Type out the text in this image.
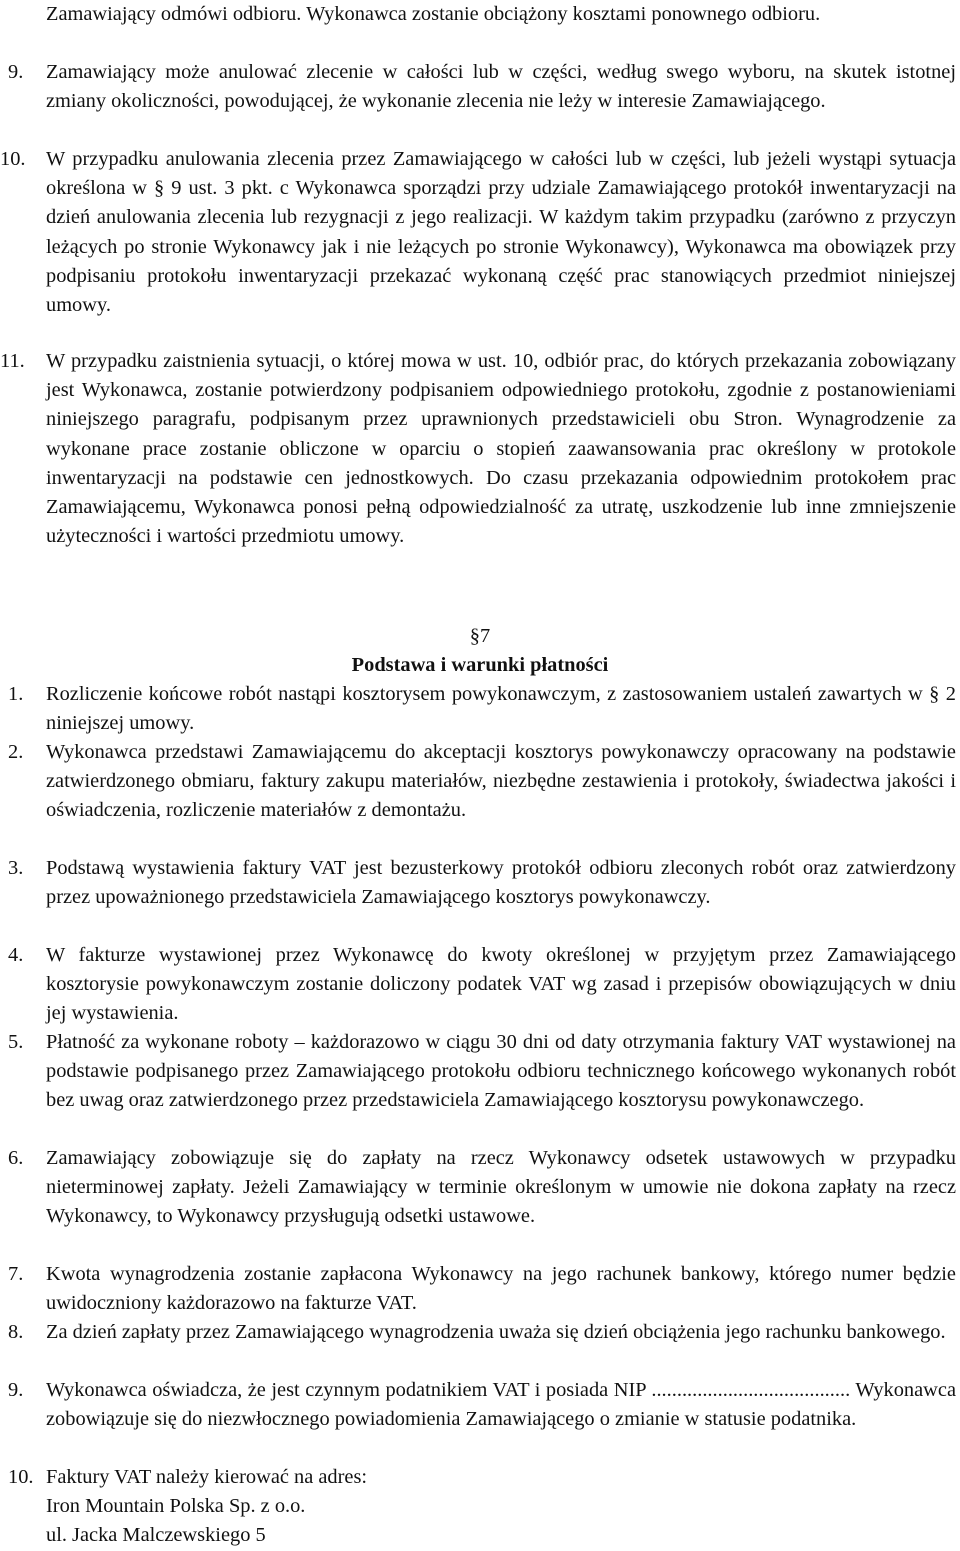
Zamawiający odmówi odbioru. Wykonawca zostanie obciążony kosztami ponownego odbioru.

9. Zamawiający może anulować zlecenie w całości lub w części, według swego wyboru, na skutek istotnej zmiany okoliczności, powodującej, że wykonanie zlecenia nie leży w interesie Zamawiającego.
10. W przypadku anulowania zlecenia przez Zamawiającego w całości lub w części, lub jeżeli wystąpi sytuacja określona w § 9 ust. 3 pkt. c Wykonawca sporządzi przy udziale Zamawiającego protokół inwentaryzacji na dzień anulowania zlecenia lub rezygnacji z jego realizacji. W każdym takim przypadku (zarówno z przyczyn leżących po stronie Wykonawcy jak i nie leżących po stronie Wykonawcy), Wykonawca ma obowiązek przy podpisaniu protokołu inwentaryzacji przekazać wykonaną część prac stanowiących przedmiot niniejszej umowy.
11. W przypadku zaistnienia sytuacji, o której mowa w ust. 10, odbiór prac, do których przekazania zobowiązany jest Wykonawca, zostanie potwierdzony podpisaniem odpowiedniego protokołu, zgodnie z postanowieniami niniejszego paragrafu, podpisanym przez uprawnionych przedstawicieli obu Stron. Wynagrodzenie za wykonane prace zostanie obliczone w oparciu o stopień zaawansowania prac określony w protokole inwentaryzacji na podstawie cen jednostkowych. Do czasu przekazania odpowiednim protokołem prac Zamawiającemu, Wykonawca ponosi pełną odpowiedzialność za utratę, uszkodzenie lub inne zmniejszenie użyteczności i wartości przedmiotu umowy.
§7
Podstawa i warunki płatności
1. Rozliczenie końcowe robót nastąpi kosztorysem powykonawczym, z zastosowaniem ustaleń zawartych w § 2 niniejszej umowy.
2. Wykonawca przedstawi Zamawiającemu do akceptacji kosztorys powykonawczy opracowany na podstawie zatwierdzonego obmiaru, faktury zakupu materiałów, niezbędne zestawienia i protokoły, świadectwa jakości i oświadczenia, rozliczenie materiałów z demontażu.
3. Podstawą wystawienia faktury VAT jest bezusterkowy protokół odbioru zleconych robót oraz zatwierdzony przez upoważnionego przedstawiciela Zamawiającego kosztorys powykonawczy.
4. W fakturze wystawionej przez Wykonawcę do kwoty określonej w przyjętym przez Zamawiającego kosztorysie powykonawczym zostanie doliczony podatek VAT wg zasad i przepisów obowiązujących w dniu jej wystawienia.
5. Płatność za wykonane roboty – każdorazowo w ciągu 30 dni od daty otrzymania faktury VAT wystawionej na podstawie podpisanego przez Zamawiającego protokołu odbioru technicznego końcowego wykonanych robót bez uwag oraz zatwierdzonego przez przedstawiciela Zamawiającego kosztorysu powykonawczego.
6. Zamawiający zobowiązuje się do zapłaty na rzecz Wykonawcy odsetek ustawowych w przypadku nieterminowej zapłaty. Jeżeli Zamawiający w terminie określonym w umowie nie dokona zapłaty na rzecz Wykonawcy, to Wykonawcy przysługują odsetki ustawowe.
7. Kwota wynagrodzenia zostanie zapłacona Wykonawcy na jego rachunek bankowy, którego numer będzie uwidoczniony każdorazowo na fakturze VAT.
8. Za dzień zapłaty przez Zamawiającego wynagrodzenia uważa się dzień obciążenia jego rachunku bankowego.
9. Wykonawca oświadcza, że jest czynnym podatnikiem VAT i posiada NIP ....................................... Wykonawca zobowiązuje się do niezwłocznego powiadomienia Zamawiającego o zmianie w statusie podatnika.
10. Faktury VAT należy kierować na adres:
Iron Mountain Polska Sp. z o.o.
ul. Jacka Malczewskiego 5
